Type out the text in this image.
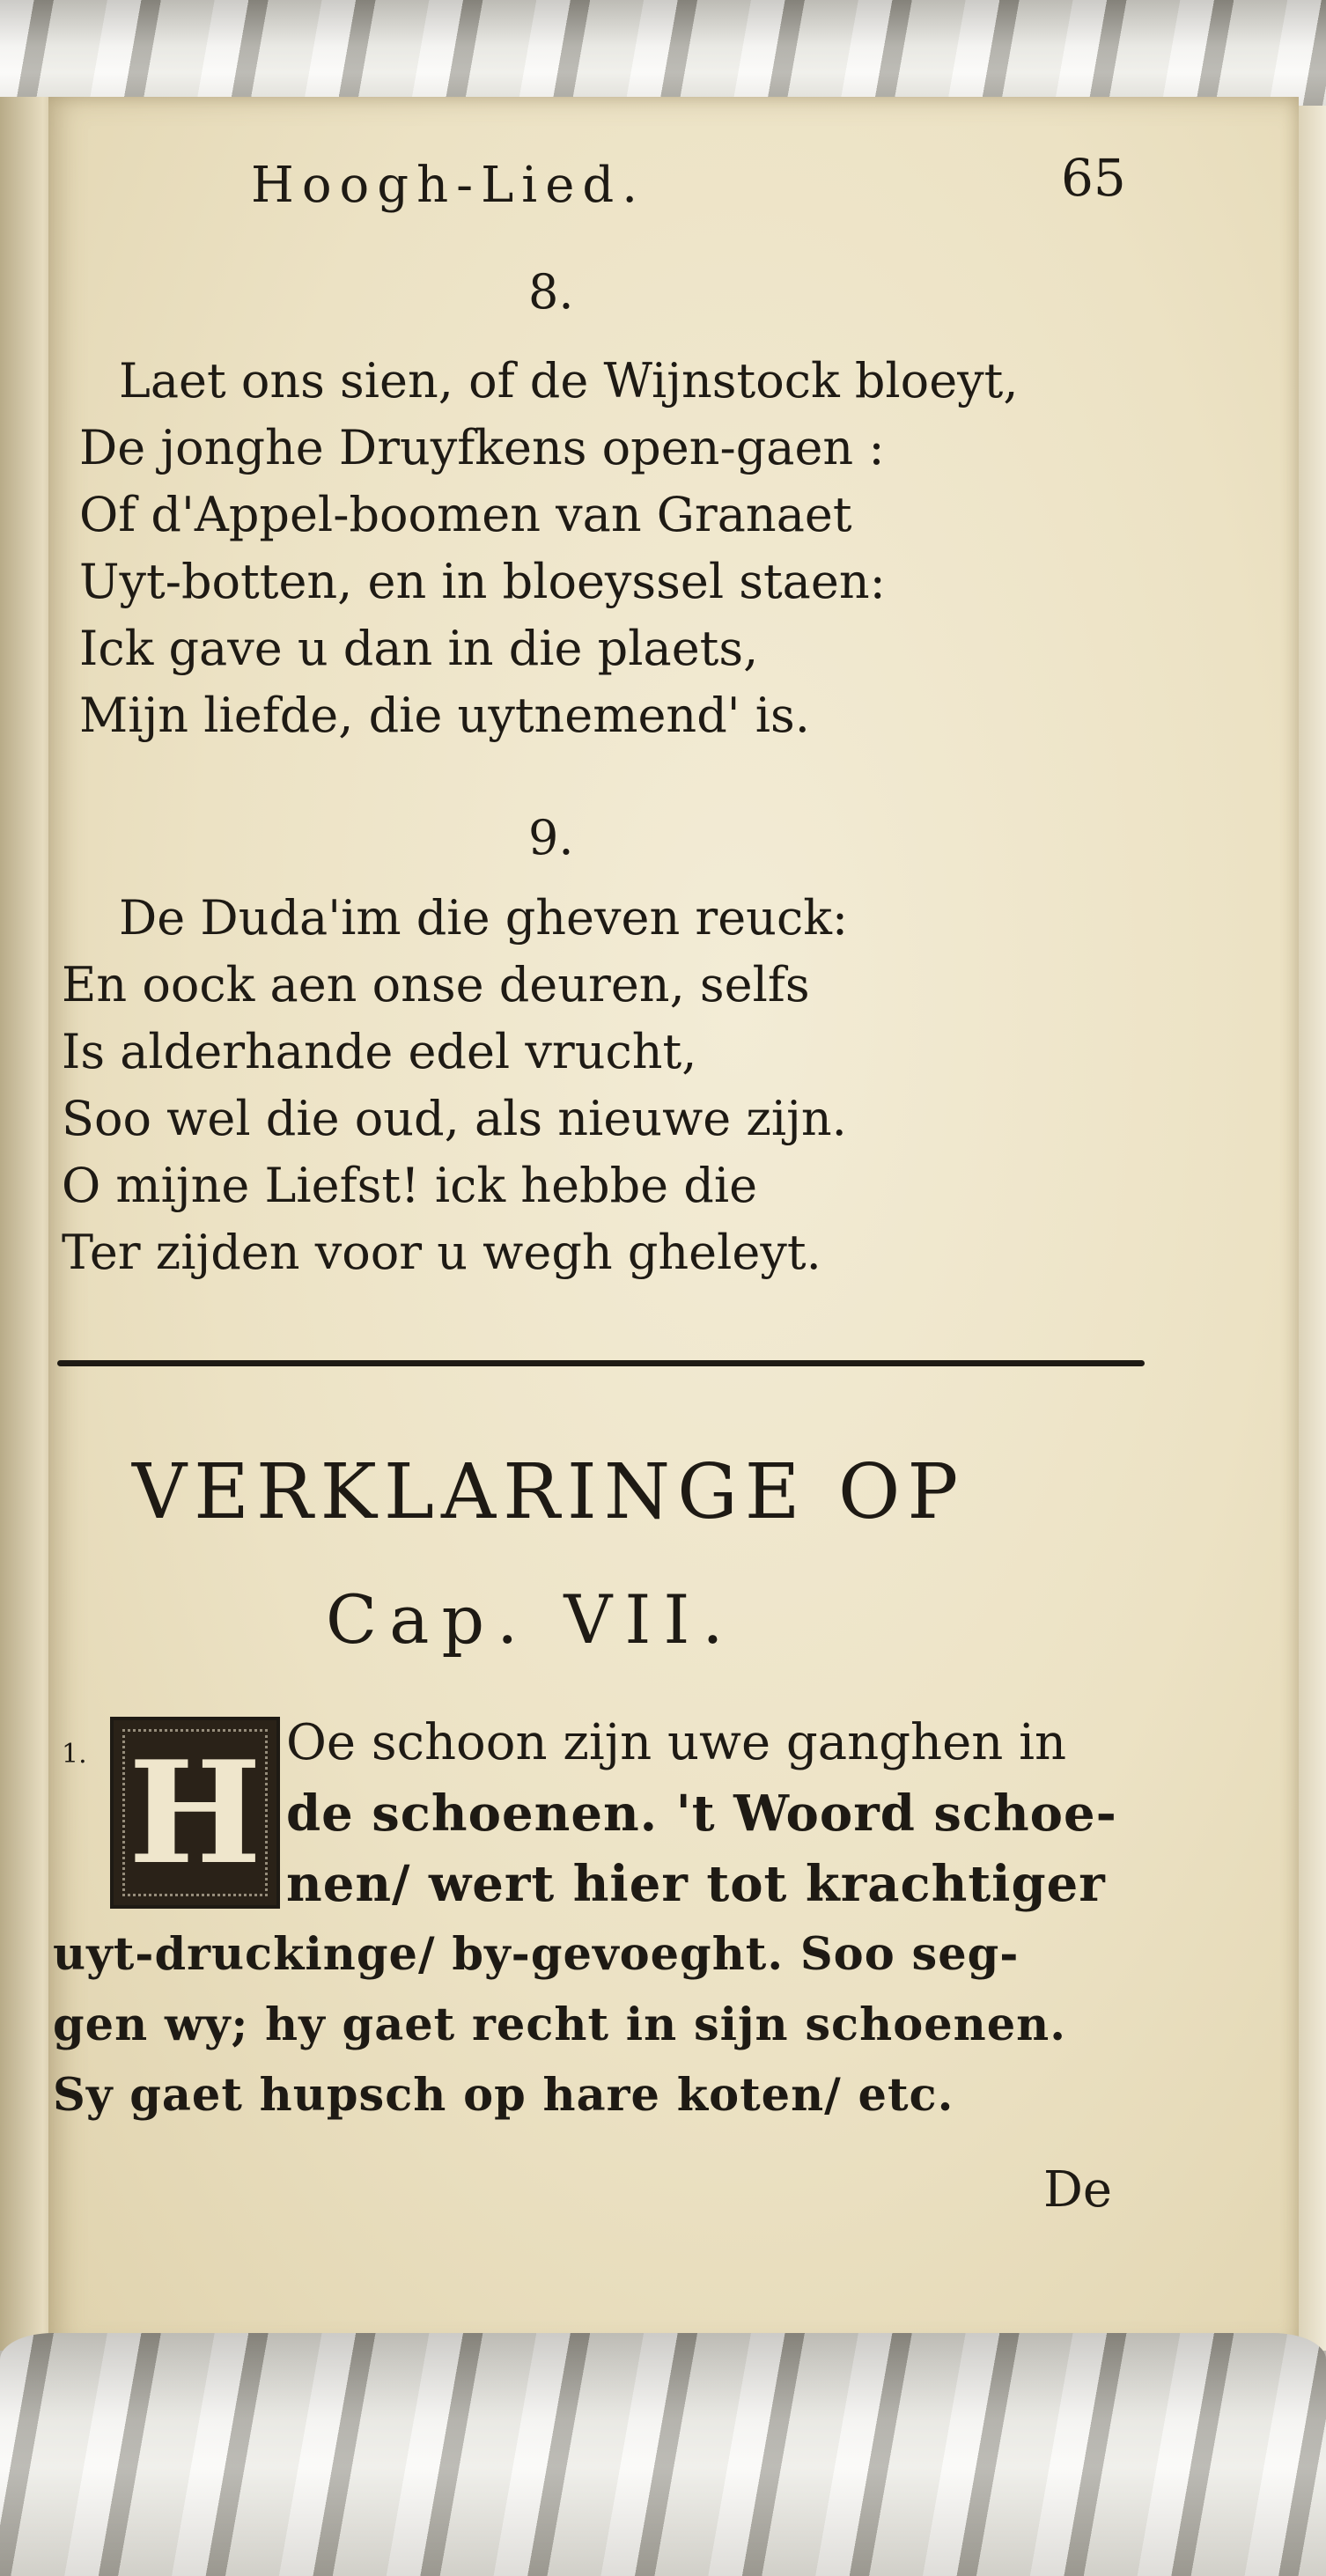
Hoogh-Lied.	65
8.
Laet ons sien, of de Wijnstock bloeyt,
De jonghe Druyfkens open-gaen :
Of d'Appel-boomen van Granaet
Uyt-botten, en in bloeyssel staen:
Ick gave u dan in die plaets,
Mijn liefde, die uytnemend' is.
9.
De Duda'im die gheven reuck:
En oock aen onse deuren, selfs
Is alderhande edel vrucht,
Soo wel die oud, als nieuwe zijn.
O mijne Liefst! ick hebbe die
Ter zijden voor u wegh gheleyt.
VERKLARINGE OP
Cap. VII.
1. H Oe schoon zijn uwe ganghen in
de schoenen. 't Woord schoe-
nen/ wert hier tot krachtiger
uyt-druckinge/ by-gevoeght. Soo seg-
gen wy; hy gaet recht in sijn schoenen.
Sy gaet hupsch op hare koten/ etc.
De
